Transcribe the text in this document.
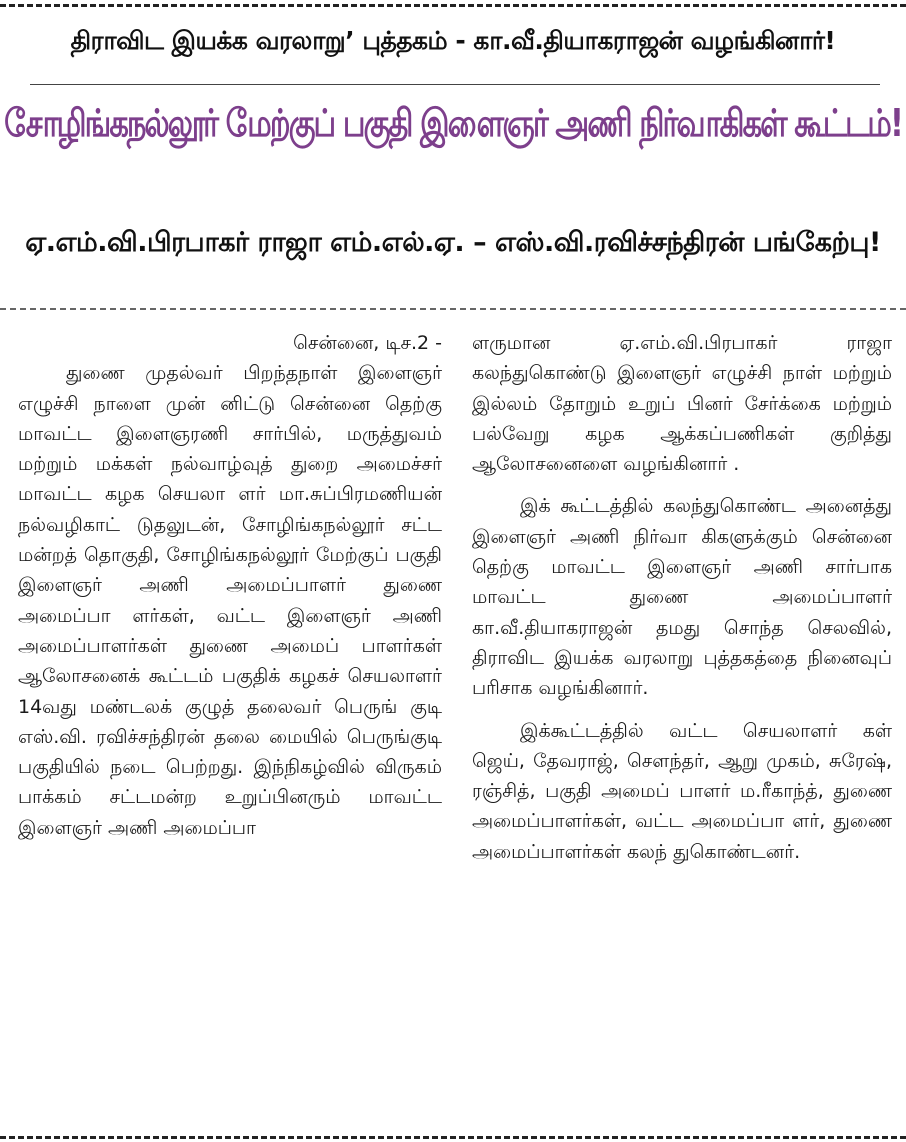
திராவிட இயக்க வரலாறு’ புத்தகம் - கா.வீ.தியாகராஜன் வழங்கினார்!
சோழிங்கநல்லூர் மேற்குப் பகுதி இளைஞர் அணி நிர்வாகிகள் கூட்டம்!
ஏ.எம்.வி.பிரபாகர் ராஜா எம்.எல்.ஏ. – எஸ்.வி.ரவிச்சந்திரன் பங்கேற்பு!

சென்னை, டிச.2 -

துணை முதல்வர் பிறந்தநாள் இளைஞர் எழுச்சி நாளை முன் னிட்டு சென்னை தெற்கு மாவட்ட இளைஞரணி சார்பில், மருத்துவம் மற்றும் மக்கள் நல்வாழ்வுத் துறை அமைச்சர் மாவட்ட கழக செயலா ளர் மா.சுப்பிரமணியன் நல்வழிகாட் டுதலுடன், சோழிங்கநல்லூர் சட்ட மன்றத் தொகுதி, சோழிங்கநல்லூர் மேற்குப் பகுதி இளைஞர் அணி அமைப்பாளர் துணை அமைப்பா ளர்கள், வட்ட இளைஞர் அணி அமைப்பாளர்கள் துணை அமைப் பாளர்கள் ஆலோசனைக் கூட்டம் பகுதிக் கழகச் செயலாளர் 14வது மண்டலக் குழுத் தலைவர் பெருங் குடி எஸ்.வி. ரவிச்சந்திரன் தலை மையில் பெருங்குடி பகுதியில் நடை பெற்றது. இந்நிகழ்வில் விருகம் பாக்கம் சட்டமன்ற உறுப்பினரும் மாவட்ட இளைஞர் அணி அமைப்பா

ளருமான ஏ.எம்.வி.பிரபாகர் ராஜா கலந்துகொண்டு இளைஞர் எழுச்சி நாள் மற்றும் இல்லம் தோறும் உறுப் பினர் சேர்க்கை மற்றும் பல்வேறு கழக ஆக்கப்பணிகள் குறித்து ஆலோசனைளை வழங்கினார் .

இக் கூட்டத்தில் கலந்துகொண்ட அனைத்து இளைஞர் அணி நிர்வா கிகளுக்கும் சென்னை தெற்கு மாவட்ட இளைஞர் அணி சார்பாக மாவட்ட துணை அமைப்பாளர் கா.வீ.தியாகராஜன் தமது சொந்த செலவில், திராவிட இயக்க வரலாறு புத்தகத்தை நினைவுப் பரிசாக வழங்கினார்.

இக்கூட்டத்தில் வட்ட செயலாளர் கள் ஜெய், தேவராஜ், சௌந்தர், ஆறு முகம், சுரேஷ், ரஞ்சித், பகுதி அமைப் பாளர் ம.ரீகாந்த், துணை அமைப்பாளர்கள், வட்ட அமைப்பா ளர், துணை அமைப்பாளர்கள் கலந் துகொண்டனர்.
